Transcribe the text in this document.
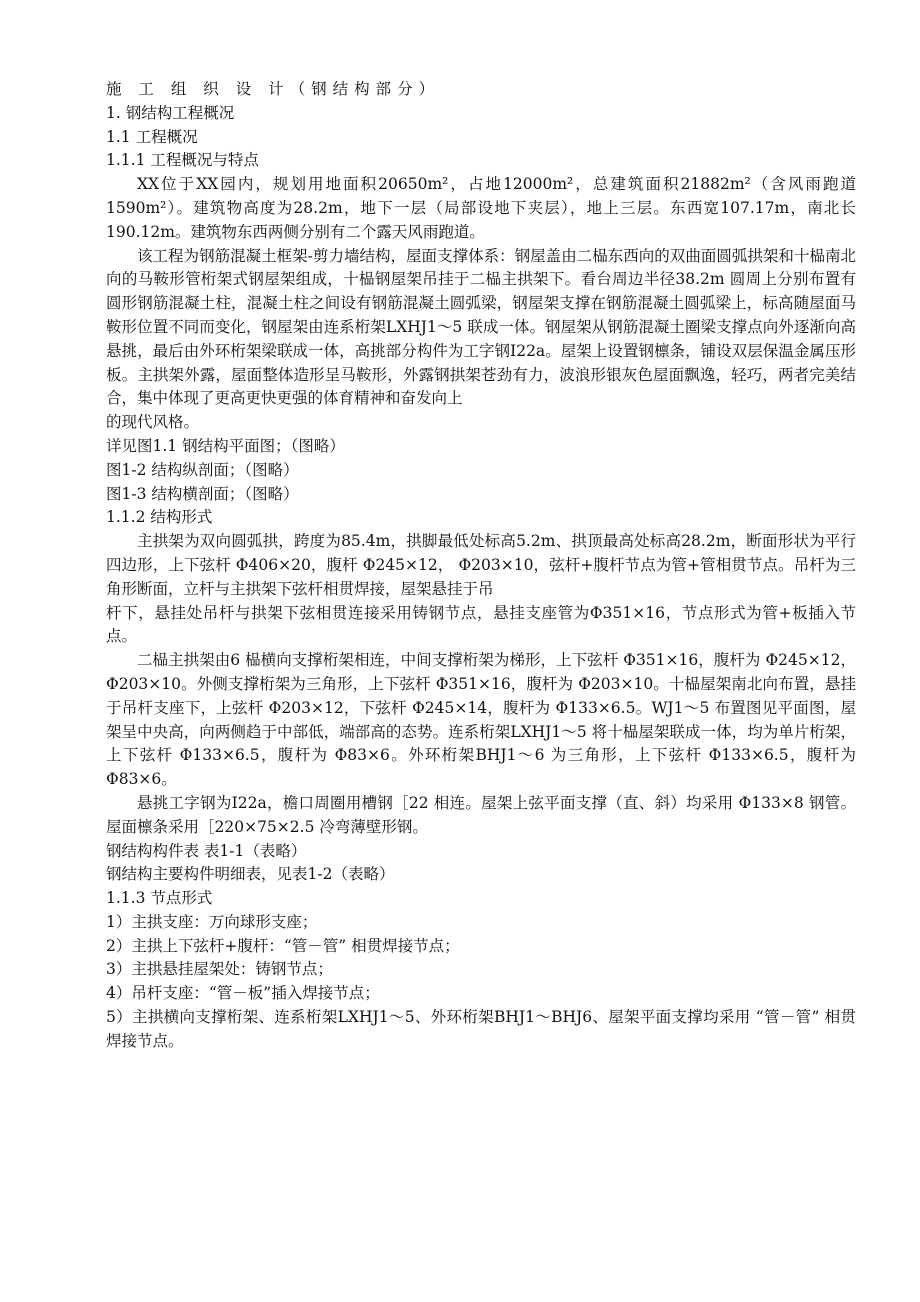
施 工 组 织 设 计（钢结构部分）
1. 钢结构工程概况
1.1 工程概况
1.1.1 工程概况与特点

XX位于XX园内，规划用地面积20650m²，占地12000m²，总建筑面积21882m²（含风雨跑道1590m²）。建筑物高度为28.2m，地下一层（局部设地下夹层），地上三层。东西宽107.17m，南北长190.12m。建筑物东西两侧分别有二个露天风雨跑道。

该工程为钢筋混凝土框架-剪力墙结构，屋面支撑体系：钢屋盖由二榀东西向的双曲面圆弧拱架和十榀南北向的马鞍形管桁架式钢屋架组成，十榀钢屋架吊挂于二榀主拱架下。看台周边半径38.2m 圆周上分别布置有圆形钢筋混凝土柱，混凝土柱之间设有钢筋混凝土圆弧梁，钢屋架支撑在钢筋混凝土圆弧梁上，标高随屋面马鞍形位置不同而变化，钢屋架由连系桁架LXHJ1～5 联成一体。钢屋架从钢筋混凝土圈梁支撑点向外逐渐向高悬挑，最后由外环桁架梁联成一体，高挑部分构件为工字钢I22a。屋架上设置钢檩条，铺设双层保温金属压形板。主拱架外露，屋面整体造形呈马鞍形，外露钢拱架苍劲有力，波浪形银灰色屋面飘逸，轻巧，两者完美结合，集中体现了更高更快更强的体育精神和奋发向上

的现代风格。
详见图1.1 钢结构平面图；（图略）
图1-2 结构纵剖面；（图略）
图1-3 结构横剖面；（图略）
1.1.2 结构形式

主拱架为双向圆弧拱，跨度为85.4m，拱脚最低处标高5.2m、拱顶最高处标高28.2m，断面形状为平行四边形，上下弦杆 Φ406×20，腹杆 Φ245×12， Φ203×10，弦杆+腹杆节点为管+管相贯节点。吊杆为三角形断面，立杆与主拱架下弦杆相贯焊接，屋架悬挂于吊

杆下，悬挂处吊杆与拱架下弦相贯连接采用铸钢节点，悬挂支座管为Φ351×16，节点形式为管+板插入节点。

二榀主拱架由6 榀横向支撑桁架相连，中间支撑桁架为梯形，上下弦杆 Φ351×16，腹杆为 Φ245×12， Φ203×10。外侧支撑桁架为三角形，上下弦杆 Φ351×16，腹杆为 Φ203×10。十榀屋架南北向布置，悬挂于吊杆支座下，上弦杆 Φ203×12，下弦杆 Φ245×14，腹杆为 Φ133×6.5。WJ1～5 布置图见平面图，屋架呈中央高，向两侧趋于中部低，端部高的态势。连系桁架LXHJ1～5 将十榀屋架联成一体，均为单片桁架，上下弦杆 Φ133×6.5，腹杆为 Φ83×6。外环桁架BHJ1～6 为三角形，上下弦杆 Φ133×6.5，腹杆为 Φ83×6。

悬挑工字钢为I22a，檐口周圈用槽钢［22 相连。屋架上弦平面支撑（直、斜）均采用 Φ133×8 钢管。屋面檩条采用［220×75×2.5 冷弯薄壁形钢。

钢结构构件表 表1-1（表略）
钢结构主要构件明细表，见表1-2（表略）
1.1.3 节点形式
1）主拱支座：万向球形支座；
2）主拱上下弦杆+腹杆：“管－管” 相贯焊接节点；
3）主拱悬挂屋架处：铸钢节点；
4）吊杆支座：“管－板”插入焊接节点；

5）主拱横向支撑桁架、连系桁架LXHJ1～5、外环桁架BHJ1～BHJ6、屋架平面支撑均采用 “管－管” 相贯焊接节点。
